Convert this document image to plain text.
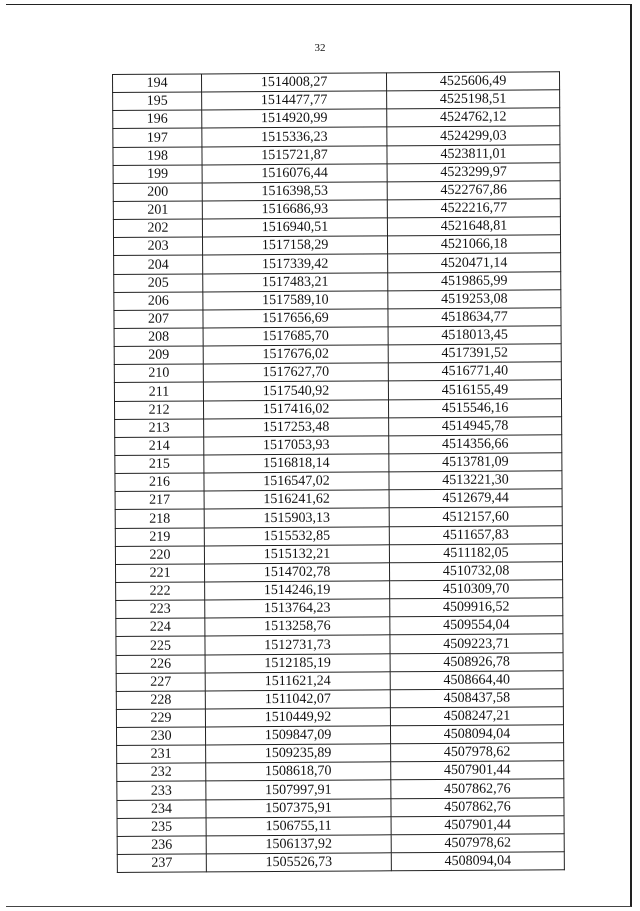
32
194	1514008,27	4525606,49
195	1514477,77	4525198,51
196	1514920,99	4524762,12
197	1515336,23	4524299,03
198	1515721,87	4523811,01
199	1516076,44	4523299,97
200	1516398,53	4522767,86
201	1516686,93	4522216,77
202	1516940,51	4521648,81
203	1517158,29	4521066,18
204	1517339,42	4520471,14
205	1517483,21	4519865,99
206	1517589,10	4519253,08
207	1517656,69	4518634,77
208	1517685,70	4518013,45
209	1517676,02	4517391,52
210	1517627,70	4516771,40
211	1517540,92	4516155,49
212	1517416,02	4515546,16
213	1517253,48	4514945,78
214	1517053,93	4514356,66
215	1516818,14	4513781,09
216	1516547,02	4513221,30
217	1516241,62	4512679,44
218	1515903,13	4512157,60
219	1515532,85	4511657,83
220	1515132,21	4511182,05
221	1514702,78	4510732,08
222	1514246,19	4510309,70
223	1513764,23	4509916,52
224	1513258,76	4509554,04
225	1512731,73	4509223,71
226	1512185,19	4508926,78
227	1511621,24	4508664,40
228	1511042,07	4508437,58
229	1510449,92	4508247,21
230	1509847,09	4508094,04
231	1509235,89	4507978,62
232	1508618,70	4507901,44
233	1507997,91	4507862,76
234	1507375,91	4507862,76
235	1506755,11	4507901,44
236	1506137,92	4507978,62
237	1505526,73	4508094,04
